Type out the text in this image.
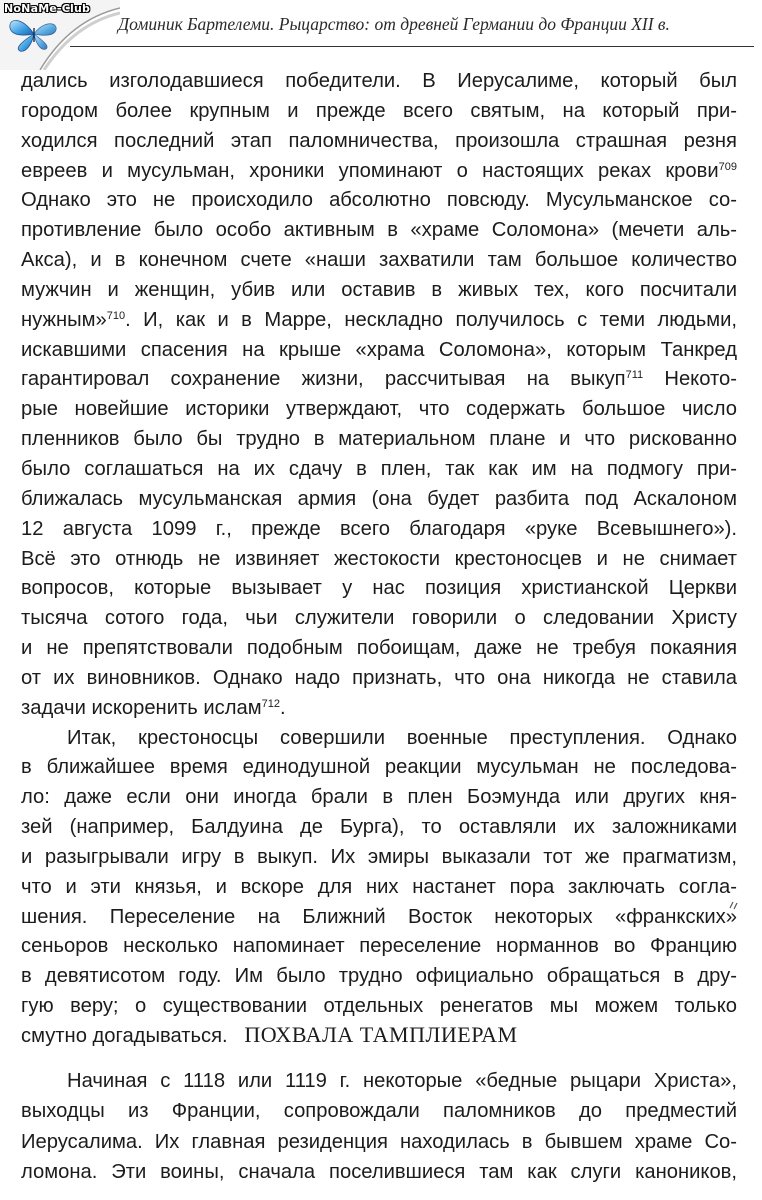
NoNaMe-Club
Доминик Бартелеми. Рыцарство: от древней Германии до Франции XII в.
дались изголодавшиеся победители. В Иерусалиме, который был
городом более крупным и прежде всего святым, на который при-
ходился последний этап паломничества, произошла страшная резня
евреев и мусульман, хроники упоминают о настоящих реках крови$^{709}$
Однако это не происходило абсолютно повсюду. Мусульманское со-
противление было особо активным в «храме Соломона» (мечети аль-
Акса), и в конечном счете «наши захватили там большое количество
мужчин и женщин, убив или оставив в живых тех, кого посчитали
нужным»$^{710}$. И, как и в Марре, нескладно получилось с теми людьми,
искавшими спасения на крыше «храма Соломона», которым Танкред
гарантировал сохранение жизни, рассчитывая на выкуп$^{711}$ Некото-
рые новейшие историки утверждают, что содержать большое число
пленников было бы трудно в материальном плане и что рискованно
было соглашаться на их сдачу в плен, так как им на подмогу при-
ближалась мусульманская армия (она будет разбита под Аскалоном
12 августа 1099 г., прежде всего благодаря «руке Всевышнего»).
Всё это отнюдь не извиняет жестокости крестоносцев и не снимает
вопросов, которые вызывает у нас позиция христианской Церкви
тысяча сотого года, чьи служители говорили о следовании Христу
и не препятствовали подобным побоищам, даже не требуя покаяния
от их виновников. Однако надо признать, что она никогда не ставила
задачи искоренить ислам$^{712}$.
Итак, крестоносцы совершили военные преступления. Однако
в ближайшее время единодушной реакции мусульман не последова-
ло: даже если они иногда брали в плен Боэмунда или других кня-
зей (например, Балдуина де Бурга), то оставляли их заложниками
и разыгрывали игру в выкуп. Их эмиры выказали тот же прагматизм,
что и эти князья, и вскоре для них настанет пора заключать согла-
шения. Переселение на Ближний Восток некоторых «франкских»
сеньоров несколько напоминает переселение норманнов во Францию
в девятисотом году. Им было трудно официально обращаться в дру-
гую веру; о существовании отдельных ренегатов мы можем только
смутно догадываться. ПОХВАЛА ТАМПЛИЕРАМ
Начиная с 1118 или 1119 г. некоторые «бедные рыцари Христа»,
выходцы из Франции, сопровождали паломников до предместий
Иерусалима. Их главная резиденция находилась в бывшем храме Со-
ломона. Эти воины, сначала поселившиеся там как слуги каноников,
